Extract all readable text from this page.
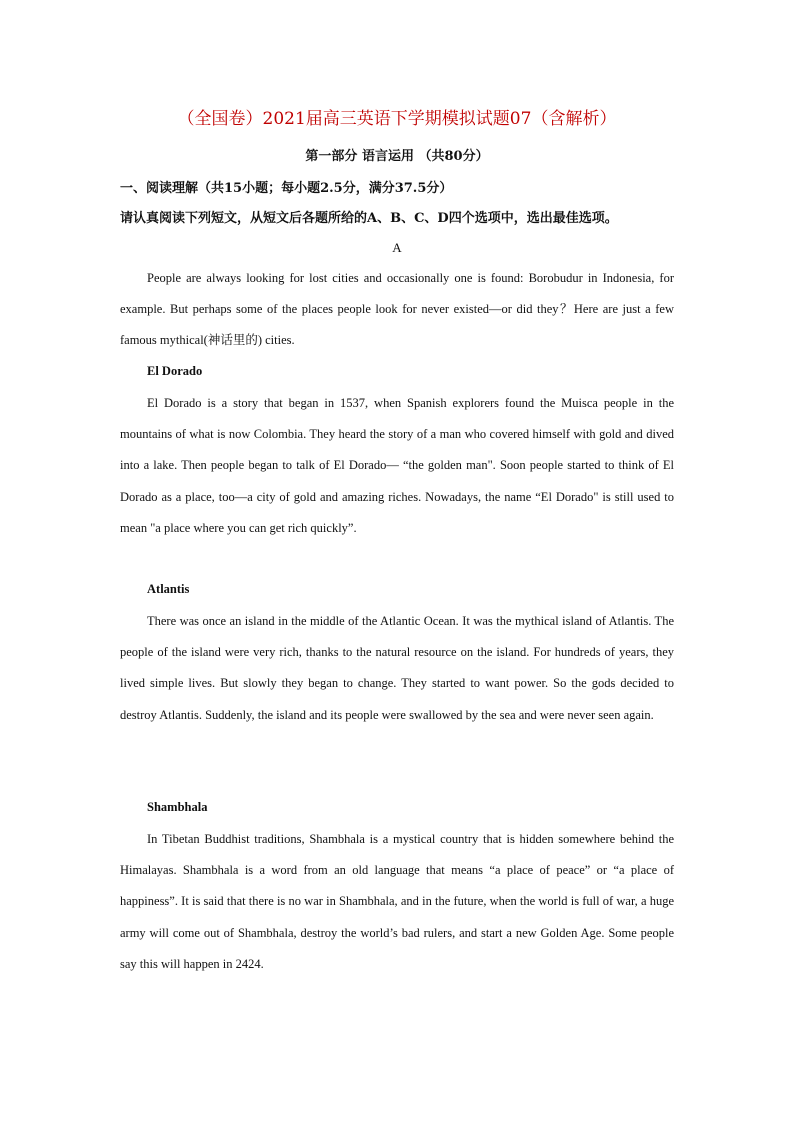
（全国卷）2021届高三英语下学期模拟试题07（含解析）
第一部分 语言运用 （共80分）
一、阅读理解（共15小题；每小题2.5分，满分37.5分）
请认真阅读下列短文，从短文后各题所给的A、B、C、D四个选项中，选出最佳选项。
A
People are always looking for lost cities and occasionally one is found: Borobudur in Indonesia, for example. But perhaps some of the places people look for never existed—or did they？Here are just a few famous mythical(神话里的) cities.
El Dorado
El Dorado is a story that began in 1537, when Spanish explorers found the Muisca people in the mountains of what is now Colombia. They heard the story of a man who covered himself with gold and dived into a lake. Then people began to talk of El Dorado— “the golden man". Soon people started to think of El Dorado as a place, too—a city of gold and amazing riches. Nowadays, the name “El Dorado" is still used to mean "a place where you can get rich quickly”.
Atlantis
There was once an island in the middle of the Atlantic Ocean. It was the mythical island of Atlantis. The people of the island were very rich, thanks to the natural resource on the island. For hundreds of years, they lived simple lives. But slowly they began to change. They started to want power. So the gods decided to destroy Atlantis. Suddenly, the island and its people were swallowed by the sea and were never seen again.
Shambhala
In Tibetan Buddhist traditions, Shambhala is a mystical country that is hidden somewhere behind the Himalayas. Shambhala is a word from an old language that means “a place of peace” or “a place of happiness”. It is said that there is no war in Shambhala, and in the future, when the world is full of war, a huge army will come out of Shambhala, destroy the world’s bad rulers, and start a new Golden Age. Some people say this will happen in 2424.
